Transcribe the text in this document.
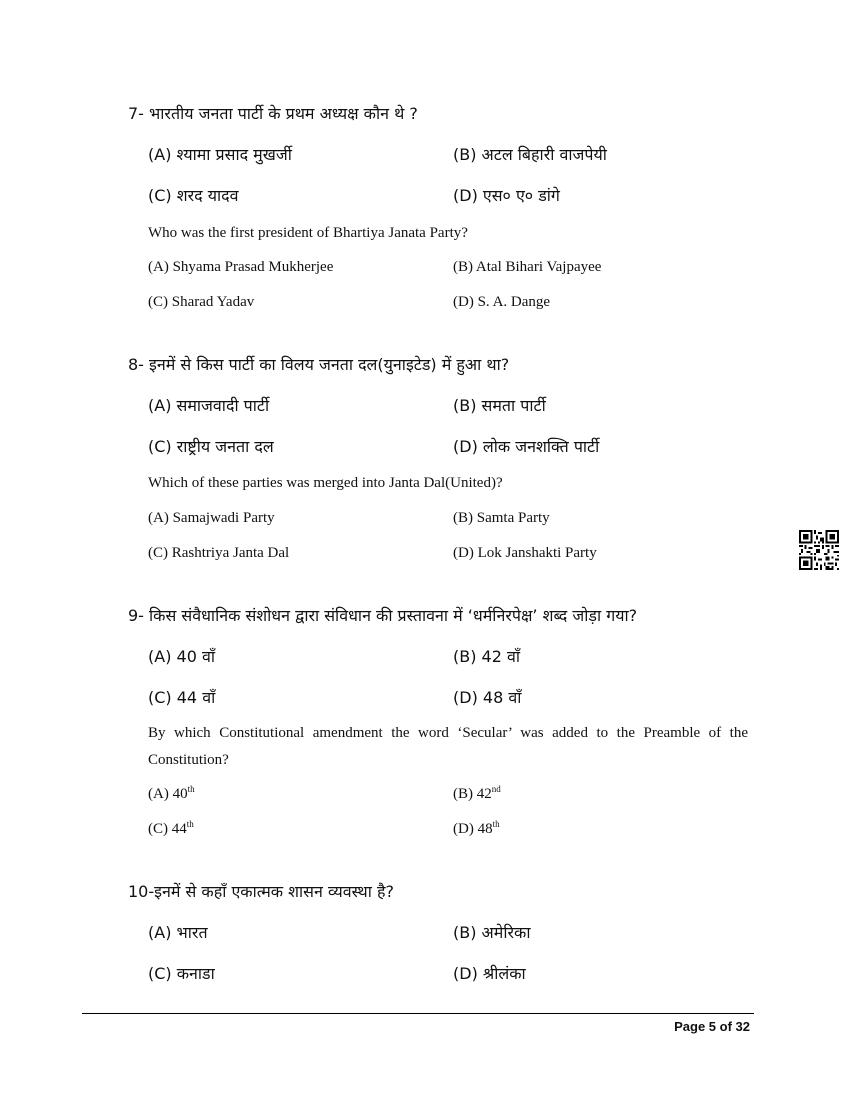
7- भारतीय जनता पार्टी के प्रथम अध्यक्ष कौन थे ?
(A) श्यामा प्रसाद मुखर्जी	(B) अटल बिहारी वाजपेयी
(C) शरद यादव	(D) एस० ए० डांगे
Who was the first president of Bhartiya Janata Party?
(A) Shyama Prasad Mukherjee	(B) Atal Bihari Vajpayee
(C) Sharad Yadav	(D) S. A. Dange
8- इनमें से किस पार्टी का विलय जनता दल(युनाइटेड) में हुआ था?
(A) समाजवादी पार्टी	(B) समता पार्टी
(C) राष्ट्रीय जनता दल	(D) लोक जनशक्ति पार्टी
Which of these parties was merged into Janta Dal(United)?
(A) Samajwadi Party	(B) Samta Party
(C) Rashtriya Janta Dal	(D) Lok Janshakti Party
9- किस संवैधानिक संशोधन द्वारा संविधान की प्रस्तावना में ‘धर्मनिरपेक्ष’ शब्द जोड़ा गया?
(A) 40 वाँ	(B) 42 वाँ
(C) 44 वाँ	(D) 48 वाँ
By which Constitutional amendment the word ‘Secular’ was added to the Preamble of the Constitution?
(A) 40th	(B) 42nd
(C) 44th	(D) 48th
10-इनमें से कहाँ एकात्मक शासन व्यवस्था है?
(A) भारत	(B) अमेरिका
(C) कनाडा	(D) श्रीलंका
Page 5 of 32
